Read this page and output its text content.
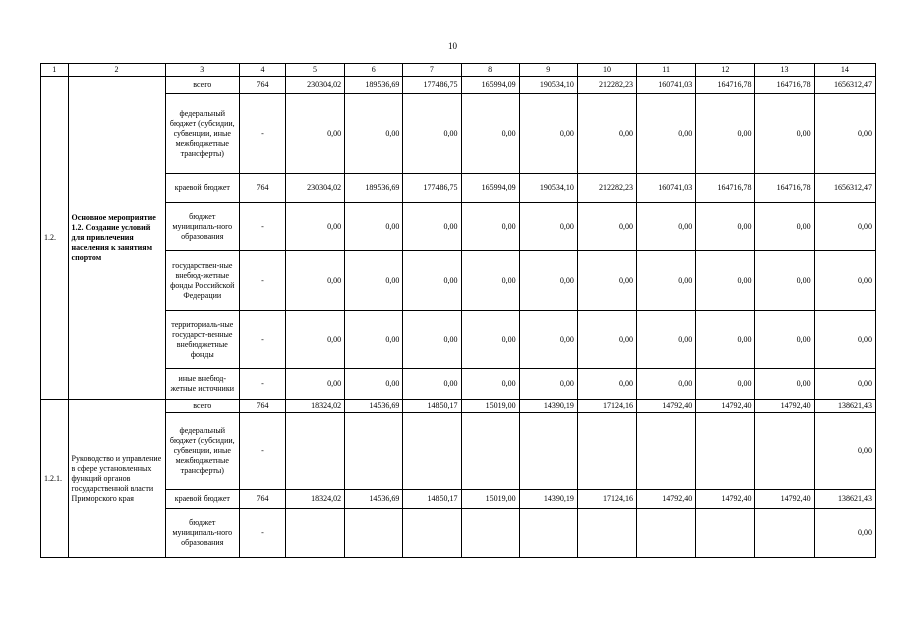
10
1	2	3	4	5	6	7	8	9	10	11	12	13	14
1.2.	Основное мероприятие 1.2. Создание условий для привлечения населения к занятиям спортом	всего	764	230304,02	189536,69	177486,75	165994,09	190534,10	212282,23	160741,03	164716,78	164716,78	1656312,47
		федеральный бюджет (субсидии, субвенции, иные межбюджетные трансферты)	-	0,00	0,00	0,00	0,00	0,00	0,00	0,00	0,00	0,00	0,00
		краевой бюджет	764	230304,02	189536,69	177486,75	165994,09	190534,10	212282,23	160741,03	164716,78	164716,78	1656312,47
		бюджет муниципаль-ного образования	-	0,00	0,00	0,00	0,00	0,00	0,00	0,00	0,00	0,00	0,00
		государствен-ные внебюд-жетные фонды Российской Федерации	-	0,00	0,00	0,00	0,00	0,00	0,00	0,00	0,00	0,00	0,00
		территориаль-ные государст-венные внебюджетные фонды	-	0,00	0,00	0,00	0,00	0,00	0,00	0,00	0,00	0,00	0,00
		иные внебюд-жетные источники	-	0,00	0,00	0,00	0,00	0,00	0,00	0,00	0,00	0,00	0,00
1.2.1.	Руководство и управление в сфере установленных функций органов государственной власти Приморского края	всего	764	18324,02	14536,69	14850,17	15019,00	14390,19	17124,16	14792,40	14792,40	14792,40	138621,43
		федеральный бюджет (субсидии, субвенции, иные межбюджетные трансферты)	-										0,00
		краевой бюджет	764	18324,02	14536,69	14850,17	15019,00	14390,19	17124,16	14792,40	14792,40	14792,40	138621,43
		бюджет муниципаль-ного образования	-										0,00
